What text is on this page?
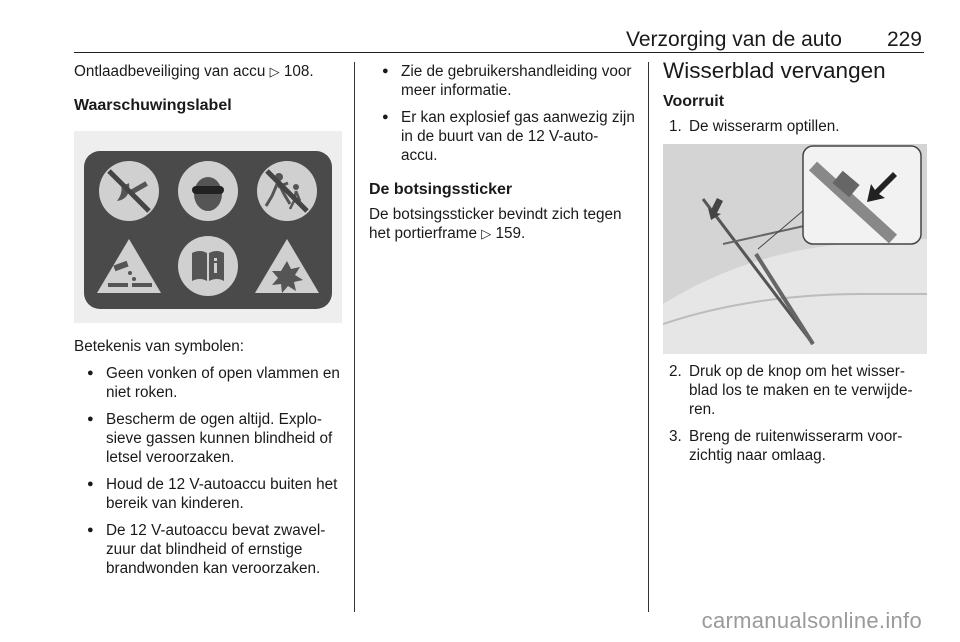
Verzorging van de auto 229

Ontlaadbeveiliging van accu ▷ 108.

Waarschuwingslabel

Betekenis van symbolen:

● Geen vonken of open vlammen en niet roken.
● Bescherm de ogen altijd. Explo- sieve gassen kunnen blindheid of letsel veroorzaken.
● Houd de 12 V-autoaccu buiten het bereik van kinderen.
● De 12 V-autoaccu bevat zwavel- zuur dat blindheid of ernstige brandwonden kan veroorzaken.
● Zie de gebruikershandleiding voor meer informatie.
● Er kan explosief gas aanwezig zijn in de buurt van de 12 V-auto- accu.

De botsingssticker

De botsingssticker bevindt zich tegen het portierframe ▷ 159.

Wisserblad vervangen

Voorruit

1. De wisserarm optillen.
2. Druk op de knop om het wisser- blad los te maken en te verwijde- ren.
3. Breng de ruitenwisserarm voor- zichtig naar omlaag.
carmanualsonline.info
